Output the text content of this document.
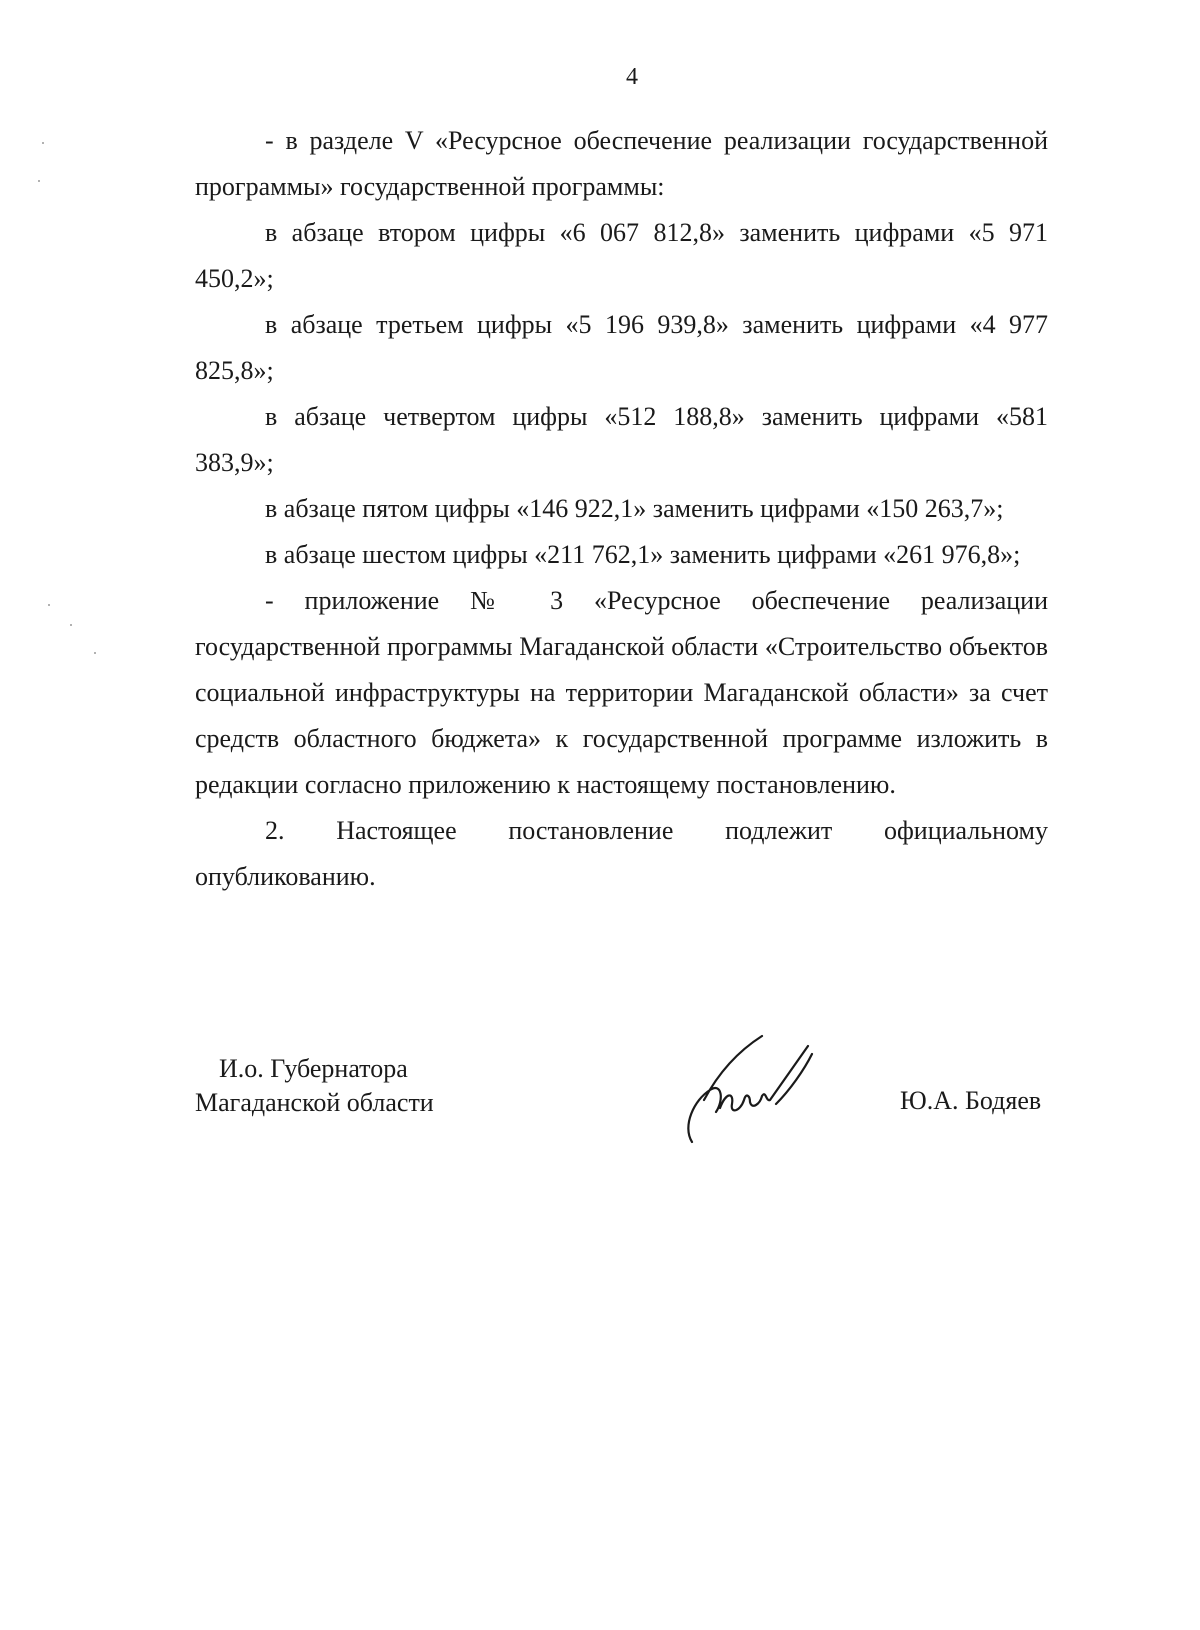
4

- в разделе V «Ресурсное обеспечение реализации государственной программы» государственной программы:

в абзаце втором цифры «6 067 812,8» заменить цифрами «5 971 450,2»;

в абзаце третьем цифры «5 196 939,8» заменить цифрами «4 977 825,8»;

в абзаце четвертом цифры «512 188,8» заменить цифрами «581 383,9»;

в абзаце пятом цифры «146 922,1» заменить цифрами «150 263,7»;

в абзаце шестом цифры «211 762,1» заменить цифрами «261 976,8»;

- приложение № 3 «Ресурсное обеспечение реализации государственной программы Магаданской области «Строительство объектов социальной инфраструктуры на территории Магаданской области» за счет средств областного бюджета» к государственной программе изложить в редакции согласно приложению к настоящему постановлению.

2. Настоящее постановление подлежит официальному опубликованию.

И.о. Губернатора
Магаданской области	Ю.А. Бодяев
